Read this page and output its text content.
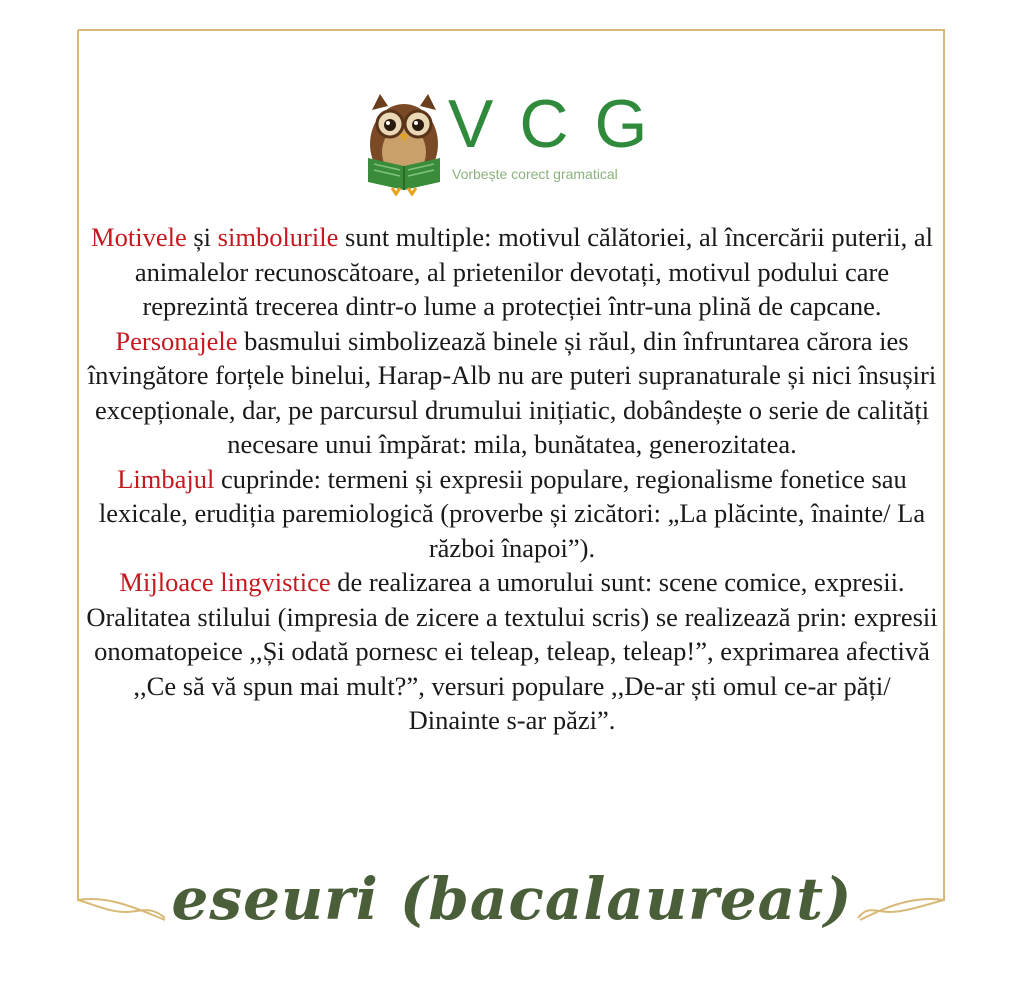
VCG
Vorbește corect gramatical

Motivele și simbolurile sunt multiple: motivul călătoriei, al încercării puterii, al animalelor recunoscătoare, al prietenilor devotați, motivul podului care reprezintă trecerea dintr-o lume a protecției într-una plină de capcane.

Personajele basmului simbolizează binele și răul, din înfruntarea cărora ies învingătore forțele binelui, Harap-Alb nu are puteri supranaturale și nici însușiri excepționale, dar, pe parcursul drumului inițiatic, dobândește o serie de calități necesare unui împărat: mila, bunătatea, generozitatea.

Limbajul cuprinde: termeni și expresii populare, regionalisme fonetice sau lexicale, erudiția paremiologică (proverbe și zicători: „La plăcinte, înainte/ La război înapoi”).

Mijloace lingvistice de realizarea a umorului sunt: scene comice, expresii. Oralitatea stilului (impresia de zicere a textului scris) se realizează prin: expresii onomatopeice ,,Și odată pornesc ei teleap, teleap, teleap!”, exprimarea afectivă ,,Ce să vă spun mai mult?”, versuri populare ,,De-ar ști omul ce-ar păți/ Dinainte s-ar păzi”.

eseuri (bacalaureat)
